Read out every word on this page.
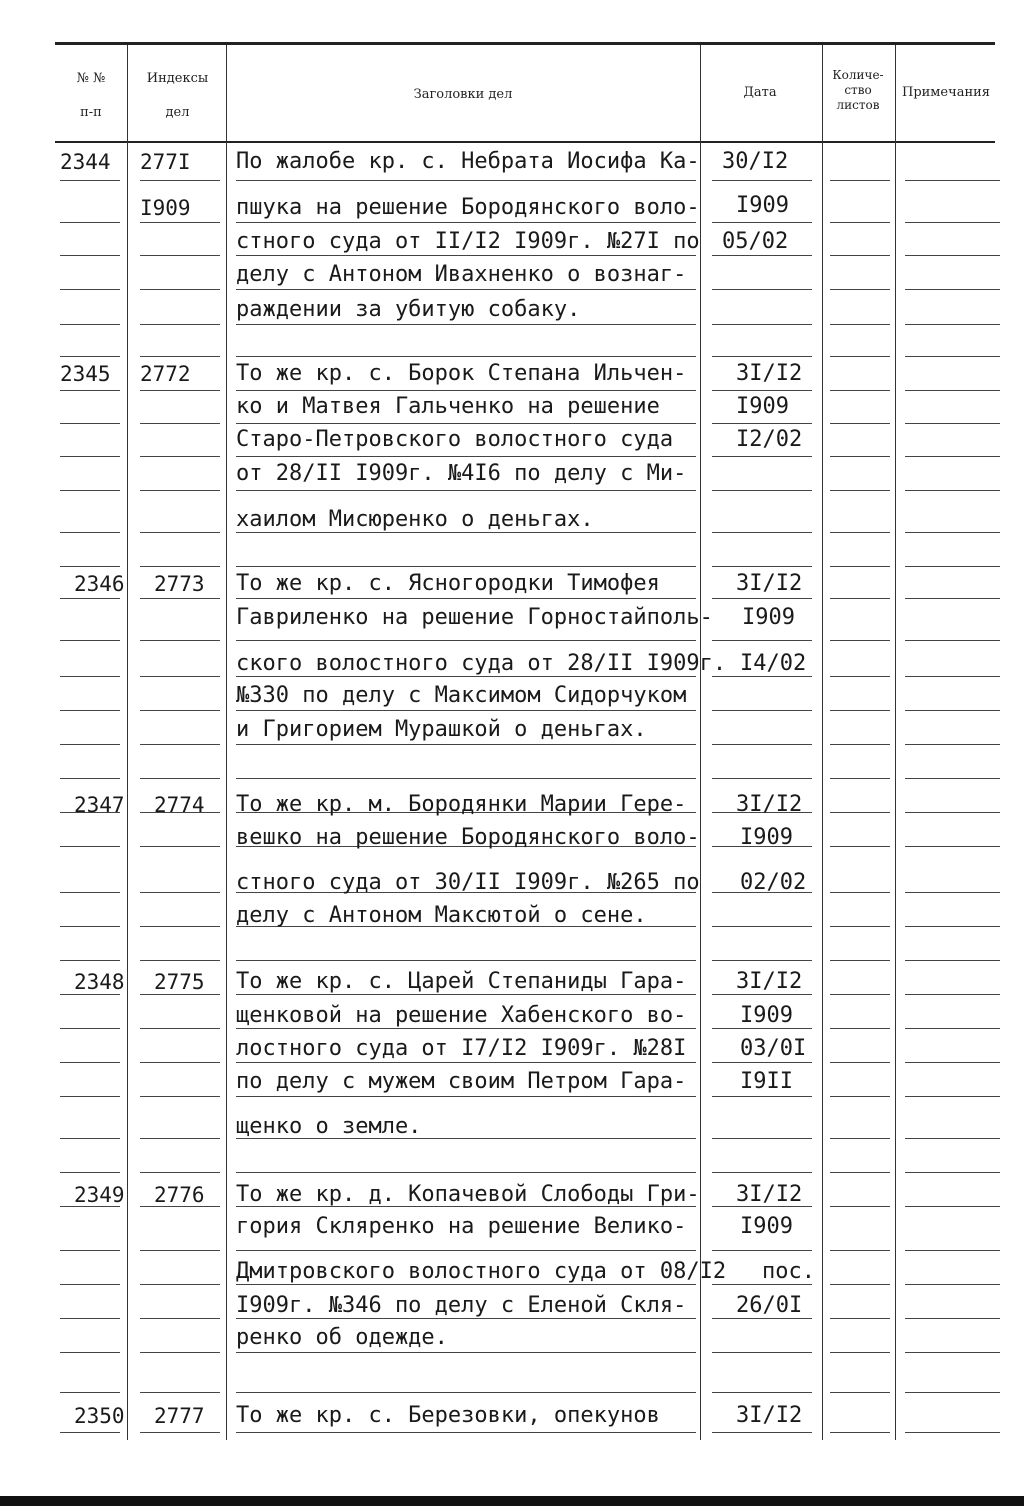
№ №
п-п
Индексы
дел
Заголовки дел	Дата
Количе-
ство
листов
Примечания
2344 277I
I909
По жалобе кр. с. Небрата Иосифа Ка-
пшука на решение Бородянского воло-
стного суда от II/I2 I909г. №27I по
делу с Антоном Ивахненко о вознаг-
раждении за убитую собаку.
30/I2
I909
05/02
2345 2772 То же кр. с. Борок Степана Ильчен-
ко и Матвея Гальченко на решение
Старо-Петровского волостного суда
от 28/II I909г. №4I6 по делу с Ми-
хаилом Мисюренко о деньгах.
3I/I2
I909
I2/02
2346 2773 То же кр. с. Ясногородки Тимофея
Гавриленко на решение Горностайполь-
ского волостного суда от 28/II I909г.
№330 по делу с Максимом Сидорчуком
и Григорием Мурашкой о деньгах.
3I/I2
I909
I4/02
2347 2774 То же кр. м. Бородянки Марии Гере-
вешко на решение Бородянского воло-
стного суда от 30/II I909г. №265 по
делу с Антоном Максютой о сене.
3I/I2
I909
02/02
2348 2775 То же кр. с. Царей Степаниды Гара-
щенковой на решение Хабенского во-
лостного суда от I7/I2 I909г. №28I
по делу с мужем своим Петром Гара-
щенко о земле.
3I/I2
I909
03/0I
I9II
2349 2776 То же кр. д. Копачевой Слободы Гри-
гория Скляренко на решение Велико-
Дмитровского волостного суда от 08/I2
I909г. №346 по делу с Еленой Скля-
ренко об одежде.
3I/I2
I909
пос.
26/0I
2350 2777 То же кр. с. Березовки, опекунов	3I/I2
